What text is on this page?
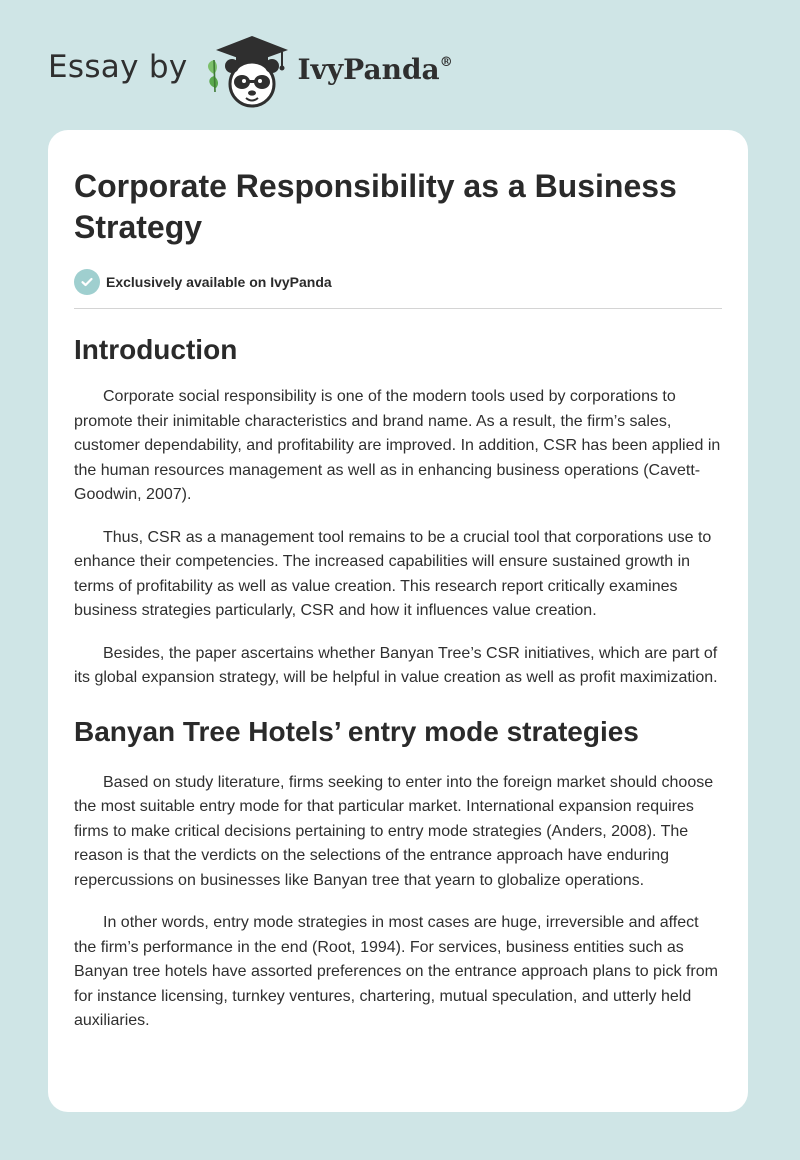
Essay by	IvyPanda®
Corporate Responsibility as a Business Strategy
Exclusively available on IvyPanda
Introduction

Corporate social responsibility is one of the modern tools used by corporations to promote their inimitable characteristics and brand name. As a result, the firm’s sales, customer dependability, and profitability are improved. In addition, CSR has been applied in the human resources management as well as in enhancing business operations (Cavett-Goodwin, 2007).

Thus, CSR as a management tool remains to be a crucial tool that corporations use to enhance their competencies. The increased capabilities will ensure sustained growth in terms of profitability as well as value creation. This research report critically examines business strategies particularly, CSR and how it influences value creation.

Besides, the paper ascertains whether Banyan Tree’s CSR initiatives, which are part of its global expansion strategy, will be helpful in value creation as well as profit maximization.

Banyan Tree Hotels’ entry mode strategies

Based on study literature, firms seeking to enter into the foreign market should choose the most suitable entry mode for that particular market. International expansion requires firms to make critical decisions pertaining to entry mode strategies (Anders, 2008). The reason is that the verdicts on the selections of the entrance approach have enduring repercussions on businesses like Banyan tree that yearn to globalize operations.

In other words, entry mode strategies in most cases are huge, irreversible and affect the firm’s performance in the end (Root, 1994). For services, business entities such as Banyan tree hotels have assorted preferences on the entrance approach plans to pick from for instance licensing, turnkey ventures, chartering, mutual speculation, and utterly held auxiliaries.
